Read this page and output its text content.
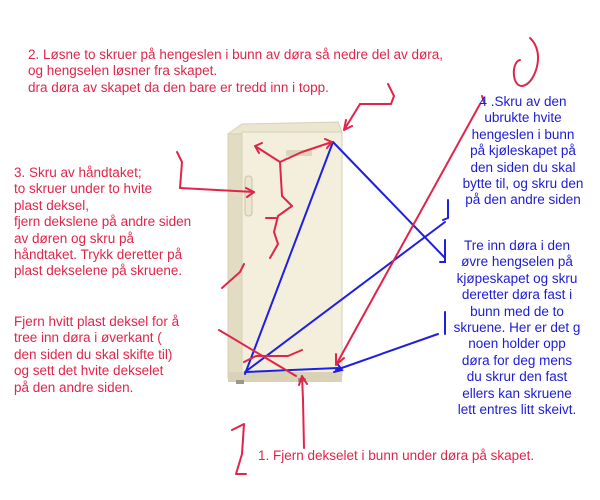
2. Løsne to skruer på hengeslen i bunn av døra så nedre del av døra,
og hengselen løsner fra skapet.
dra døra av skapet da den bare er tredd inn i topp.
3. Skru av håndtaket;
to skruer under to hvite
plast deksel,
fjern dekslene på andre siden
av døren og skru på
håndtaket. Trykk deretter på
plast dekselene på skruene.
Fjern hvitt plast deksel for å
tree inn døra i øverkant (
den siden du skal skifte til)
og sett det hvite dekselet
på den andre siden.
4 .Skru av den
ubrukte hvite
hengeslen i bunn
på kjøleskapet på
den siden du skal
bytte til, og skru den
på den andre siden
Tre inn døra i den
øvre hengselen på
kjøpeskapet og skru
deretter døra fast i
bunn med de to
skruene. Her er det g
noen holder opp
døra for deg mens
du skrur den fast
ellers kan skruene
lett entres litt skeivt.
1. Fjern dekselet i bunn under døra på skapet.
